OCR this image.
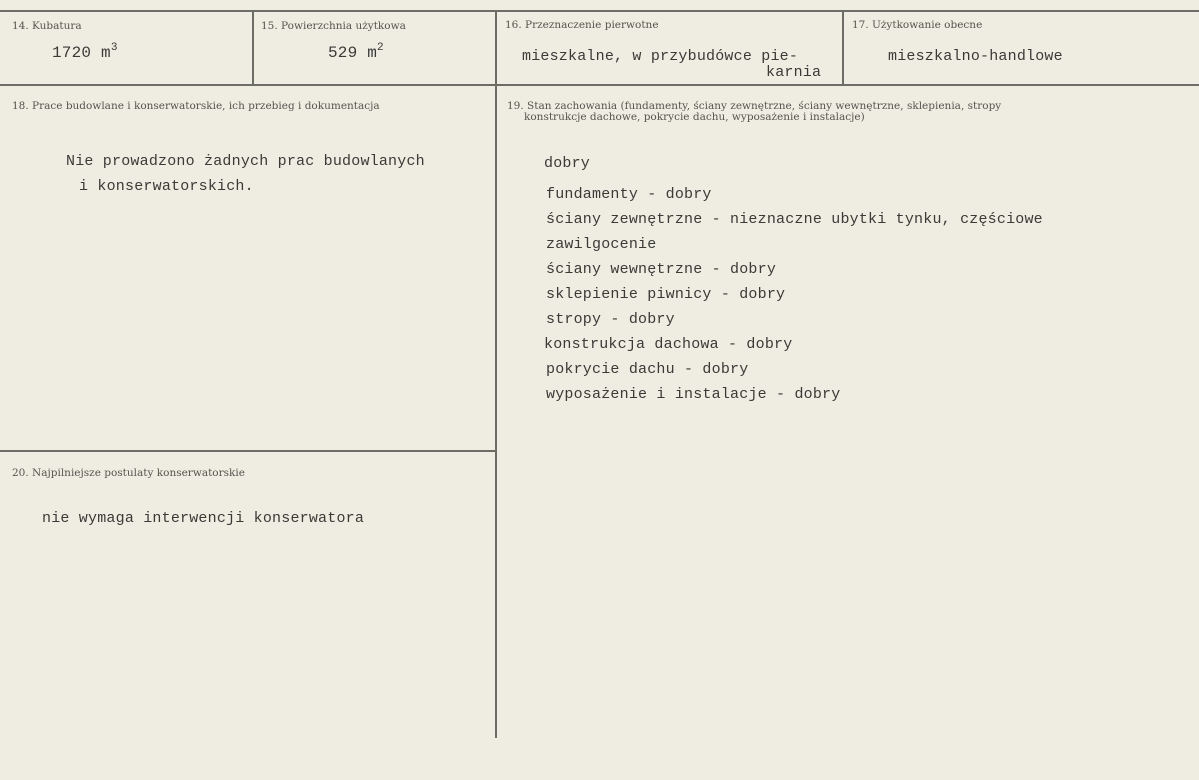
14. Kubatura
1720 $m^3$
15. Powierzchnia użytkowa
529 $m^2$
16. Przeznaczenie pierwotne
mieszkalne, w przybudówce pie-
karnia
17. Użytkowanie obecne
mieszkalno-handlowe
18. Prace budowlane i konserwatorskie, ich przebieg i dokumentacja
Nie prowadzono żadnych prac budowlanych
i konserwatorskich.
19. Stan zachowania (fundamenty, ściany zewnętrzne, ściany wewnętrzne, sklepienia, stropy
konstrukcje dachowe, pokrycie dachu, wyposażenie i instalacje)
dobry
fundamenty - dobry
ściany zewnętrzne - nieznaczne ubytki tynku, częściowe
zawilgocenie
ściany wewnętrzne - dobry
sklepienie piwnicy - dobry
stropy - dobry
konstrukcja dachowa - dobry
pokrycie dachu - dobry
wyposażenie i instalacje - dobry
20. Najpilniejsze postulaty konserwatorskie
nie wymaga interwencji konserwatora
